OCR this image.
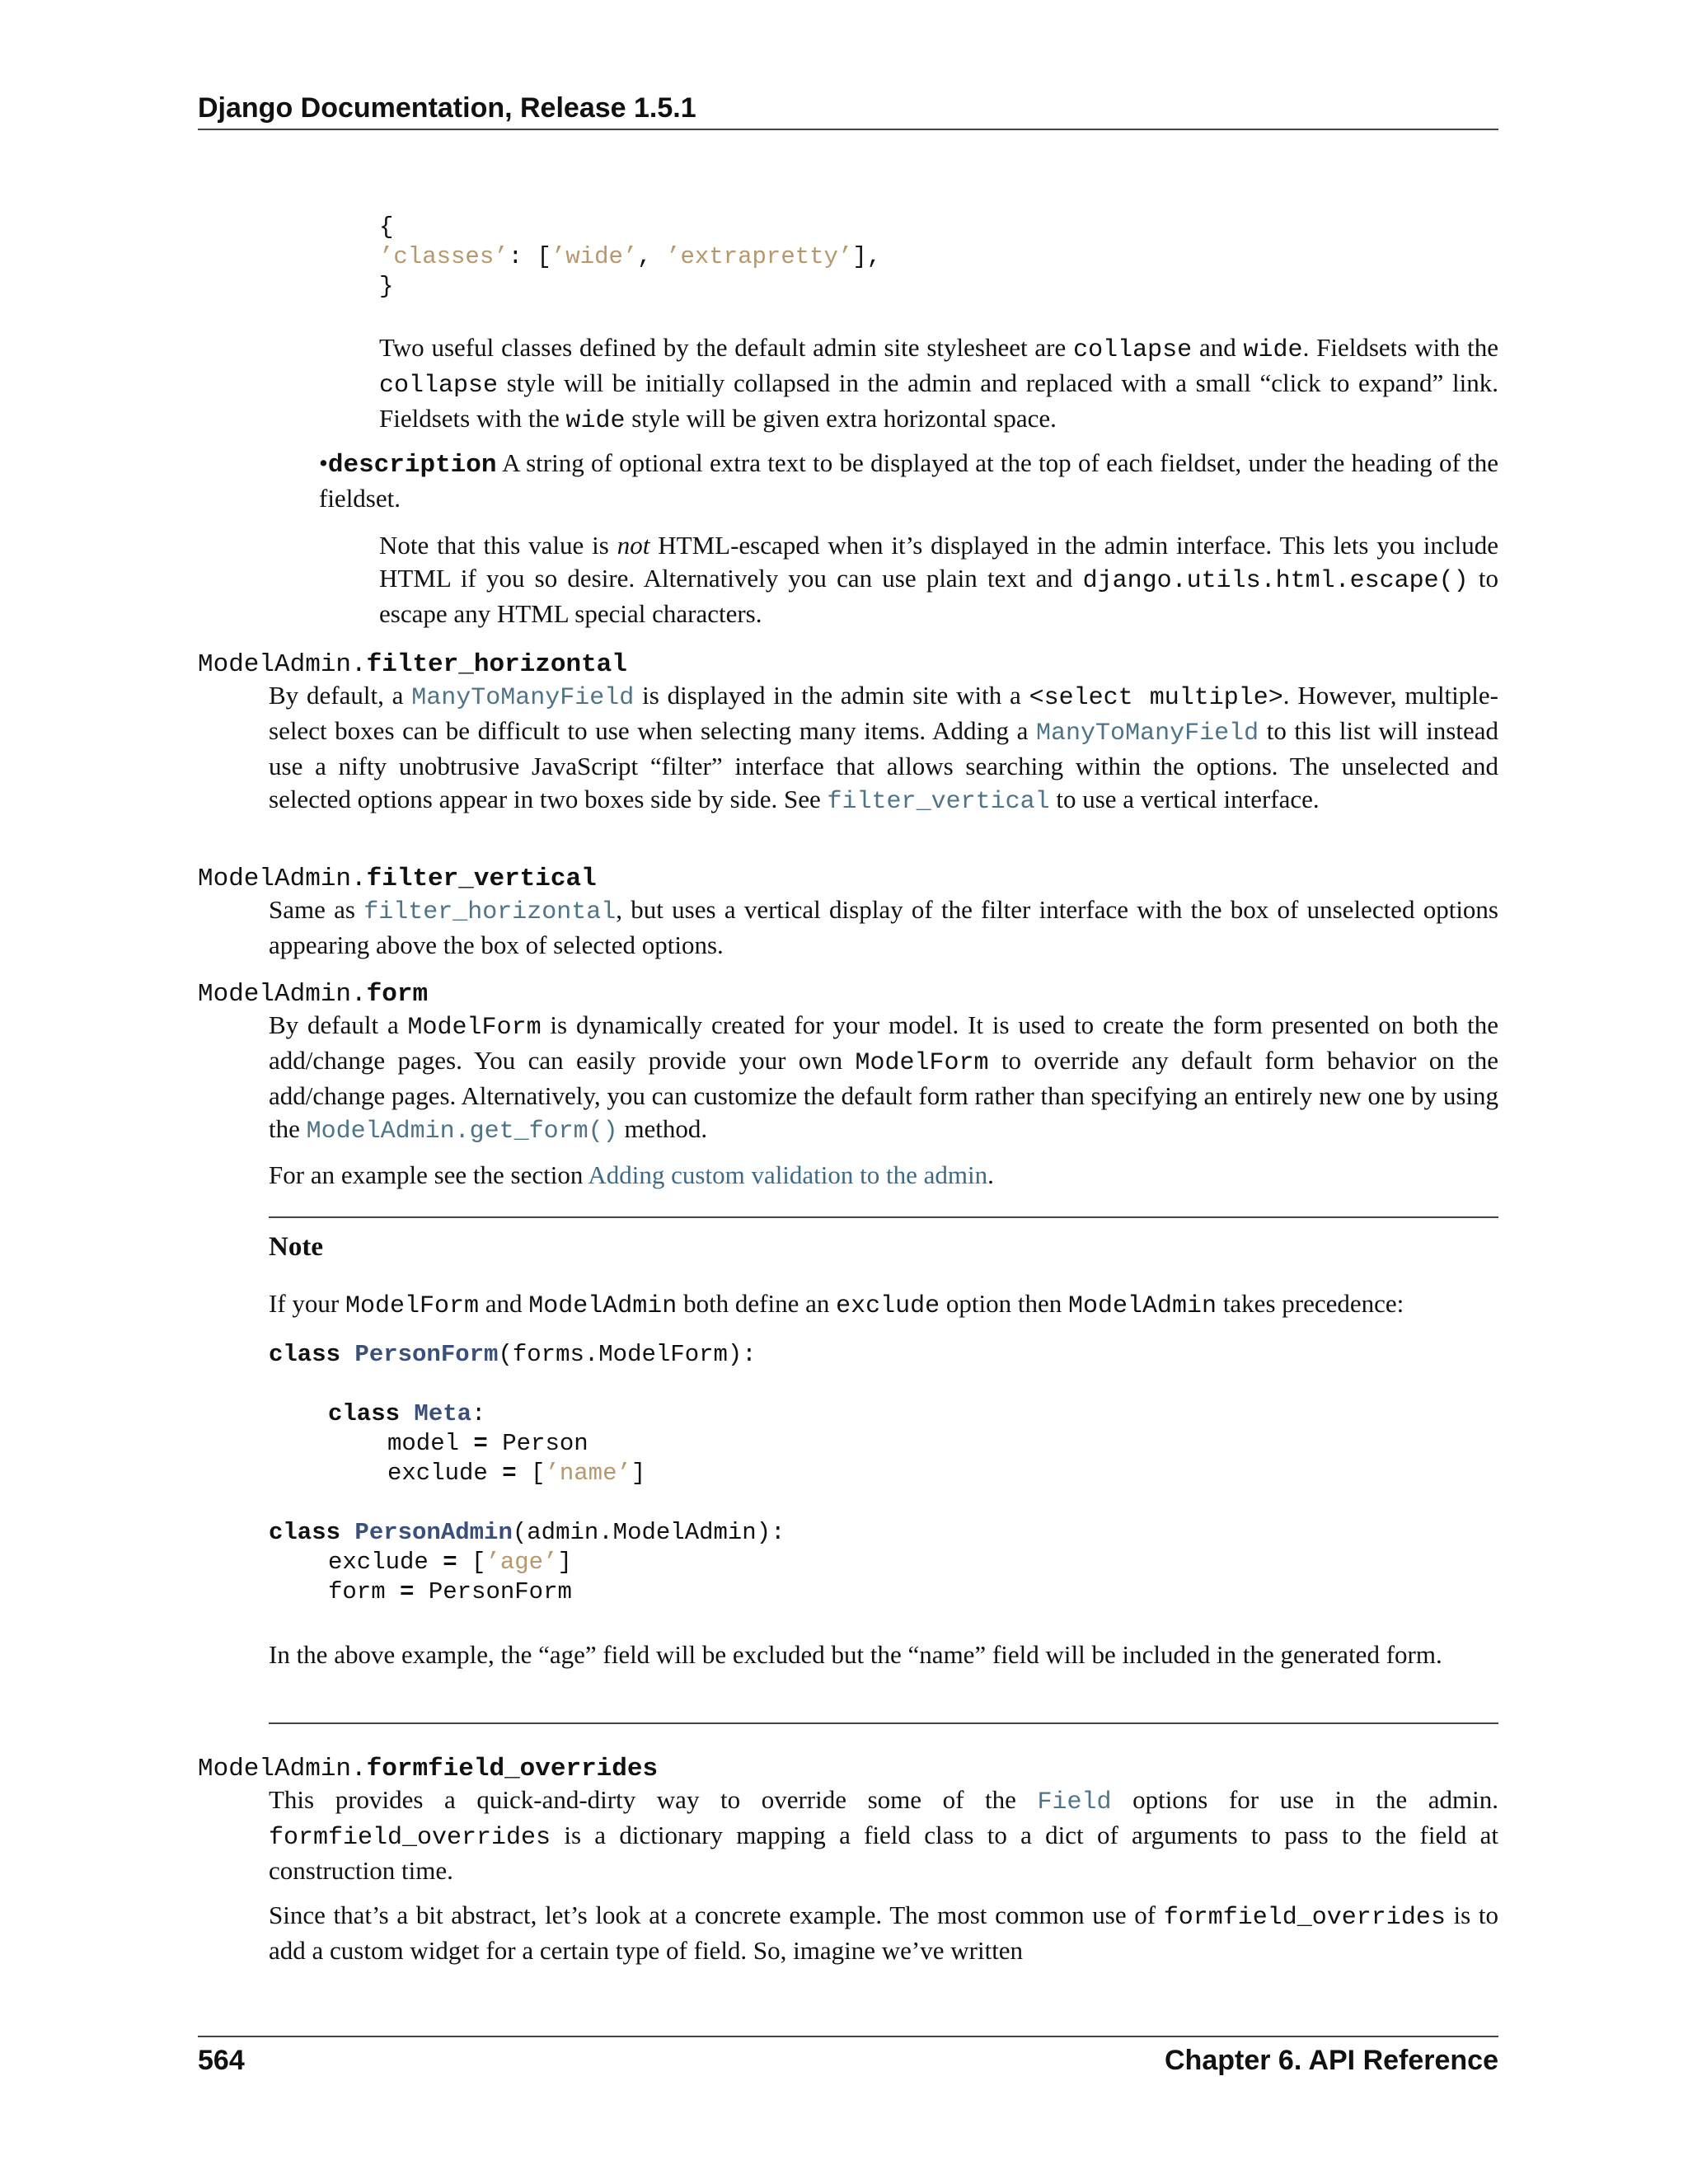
Django Documentation, Release 1.5.1
{
’classes’: [’wide’, ’extrapretty’],
}

Two useful classes defined by the default admin site stylesheet are collapse and wide. Fieldsets with the collapse style will be initially collapsed in the admin and replaced with a small “click to expand” link. Fieldsets with the wide style will be given extra horizontal space.

•description A string of optional extra text to be displayed at the top of each fieldset, under the heading of the fieldset.

Note that this value is not HTML-escaped when it’s displayed in the admin interface. This lets you include HTML if you so desire. Alternatively you can use plain text and django.utils.html.escape() to escape any HTML special characters.

ModelAdmin.filter_horizontal

By default, a ManyToManyField is displayed in the admin site with a <select multiple>. However, multiple-select boxes can be difficult to use when selecting many items. Adding a ManyToManyField to this list will instead use a nifty unobtrusive JavaScript “filter” interface that allows searching within the options. The unselected and selected options appear in two boxes side by side. See filter_vertical to use a vertical interface.

ModelAdmin.filter_vertical

Same as filter_horizontal, but uses a vertical display of the filter interface with the box of unselected options appearing above the box of selected options.

ModelAdmin.form

By default a ModelForm is dynamically created for your model. It is used to create the form presented on both the add/change pages. You can easily provide your own ModelForm to override any default form behavior on the add/change pages. Alternatively, you can customize the default form rather than specifying an entirely new one by using the ModelAdmin.get_form() method.

For an example see the section Adding custom validation to the admin.

Note

If your ModelForm and ModelAdmin both define an exclude option then ModelAdmin takes precedence:

class PersonForm(forms.ModelForm):
class Meta:
model = Person
exclude = [’name’]
class PersonAdmin(admin.ModelAdmin):
exclude = [’age’]
form = PersonForm

In the above example, the “age” field will be excluded but the “name” field will be included in the generated form.

ModelAdmin.formfield_overrides

This provides a quick-and-dirty way to override some of the Field options for use in the admin. formfield_overrides is a dictionary mapping a field class to a dict of arguments to pass to the field at construction time.

Since that’s a bit abstract, let’s look at a concrete example. The most common use of formfield_overrides is to add a custom widget for a certain type of field. So, imagine we’ve written

564	Chapter 6. API Reference
